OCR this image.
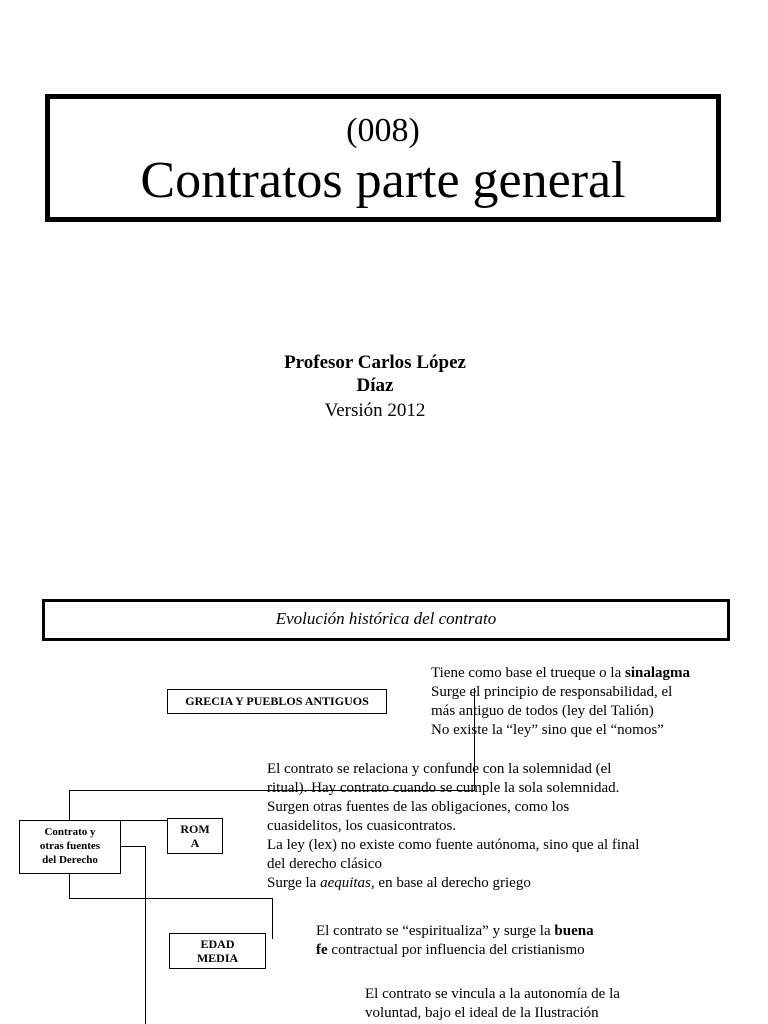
(008)
Contratos parte general
Profesor Carlos López
Díaz
Versión 2012
Evolución histórica del contrato
Contrato y
otras fuentes
del Derecho
GRECIA Y PUEBLOS ANTIGUOS
Tiene como base el trueque o la sinalagma
Surge el principio de responsabilidad, el
más antiguo de todos (ley del Talión)
No existe la “ley” sino que el “nomos”
ROM
A
El contrato se relaciona y confunde con la solemnidad (el
ritual). Hay contrato cuando se cumple la sola solemnidad.
Surgen otras fuentes de las obligaciones, como los
cuasidelitos, los cuasicontratos.
La ley (lex) no existe como fuente autónoma, sino que al final
del derecho clásico
Surge la aequitas, en base al derecho griego
EDAD
MEDIA
El contrato se “espiritualiza” y surge la buena
fe contractual por influencia del cristianismo
El contrato se vincula a la autonomía de la
voluntad, bajo el ideal de la Ilustración
